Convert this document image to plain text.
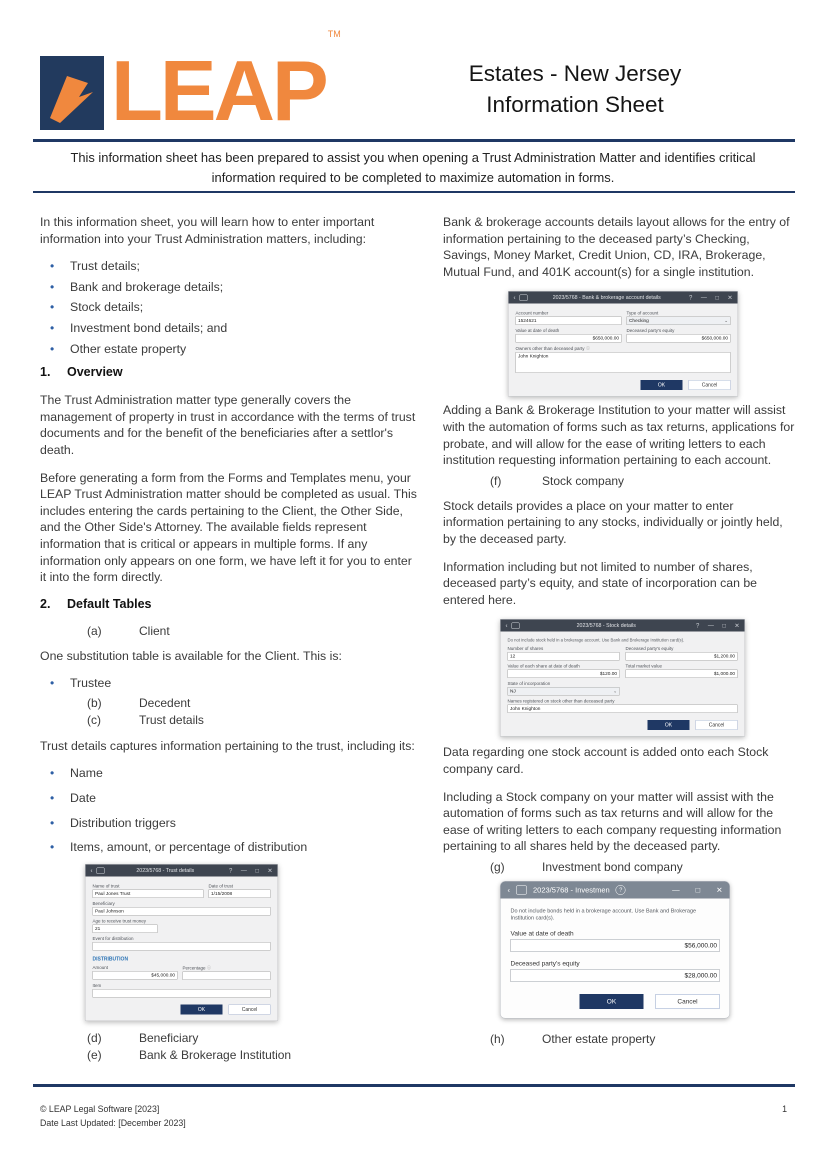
LEAP™
Estates - New Jersey
Information Sheet

This information sheet has been prepared to assist you when opening a Trust Administration Matter and identifies critical information required to be completed to maximize automation in forms.

In this information sheet, you will learn how to enter important information into your Trust Administration matters, including:

• Trust details;
• Bank and brokerage details;
• Stock details;
• Investment bond details; and
• Other estate property
1.	Overview

The Trust Administration matter type generally covers the management of property in trust in accordance with the terms of trust documents and for the benefit of the beneficiaries after a settlor's death.

Before generating a form from the Forms and Templates menu, your LEAP Trust Administration matter should be completed as usual. This includes entering the cards pertaining to the Client, the Other Side, and the Other Side's Attorney. The available fields represent information that is critical or appears in multiple forms. If any information only appears on one form, we have left it for you to enter it into the form directly.

2.	Default Tables
(a)	Client

One substitution table is available for the Client. This is:

• Trustee
(b)	Decedent
(c)	Trust details

Trust details captures information pertaining to the trust, including its:

• Name
• Date
• Distribution triggers
• Items, amount, or percentage of distribution
‹	2023/5768 - Trust details	? — □ ✕
Name of trust
Paul Jones Trust
Date of trust
1/15/2008
Beneficiary
Paul Johnson
Age to receive trust money
21
Event for distribution
DISTRIBUTION
Amount
$45,000.00
Percentage ⓘ
Item
OK	Cancel
(d)	Beneficiary
(e)	Bank & Brokerage Institution

Bank & brokerage accounts details layout allows for the entry of information pertaining to the deceased party’s Checking, Savings, Money Market, Credit Union, CD, IRA, Brokerage, Mutual Fund, and 401K account(s) for a single institution.

‹	2023/5768 - Bank & brokerage account details	? — □ ✕
Account number
1524621
Type of account
Checking	⌄
Value at date of death
$650,000.00
Deceased party's equity
$650,000.00
Owners other than deceased party ⓘ
John Knighton
OK	Cancel

Adding a Bank & Brokerage Institution to your matter will assist with the automation of forms such as tax returns, applications for probate, and will allow for the ease of writing letters to each institution requesting information pertaining to each account.

(f)	Stock company

Stock details provides a place on your matter to enter information pertaining to any stocks, individually or jointly held, by the deceased party.

Information including but not limited to number of shares, deceased party’s equity, and state of incorporation can be entered here.

‹	2023/5768 - Stock details	? — □ ✕
Do not include stock held in a brokerage account. Use Bank and Brokerage Institution card(s).
Number of shares
12
Deceased party's equity
$1,200.00
Value of each share at date of death
$120.00
Total market value
$1,000.00
State of incorporation
NJ	⌄
Names registered on stock other than deceased party
John Knighton
OK	Cancel

Data regarding one stock account is added onto each Stock company card.

Including a Stock company on your matter will assist with the automation of forms such as tax returns and will allow for the ease of writing letters to each company requesting information pertaining to all shares held by the deceased party.

(g)	Investment bond company
‹ 2023/5768 - Investmen ?	— □ ✕
Do not include bonds held in a brokerage account. Use Bank and Brokerage Institution card(s).
Value at date of death
$56,000.00
Deceased party's equity
$28,000.00
OK	Cancel
(h)	Other estate property
© LEAP Legal Software [2023]
Date Last Updated: [December 2023]
1
